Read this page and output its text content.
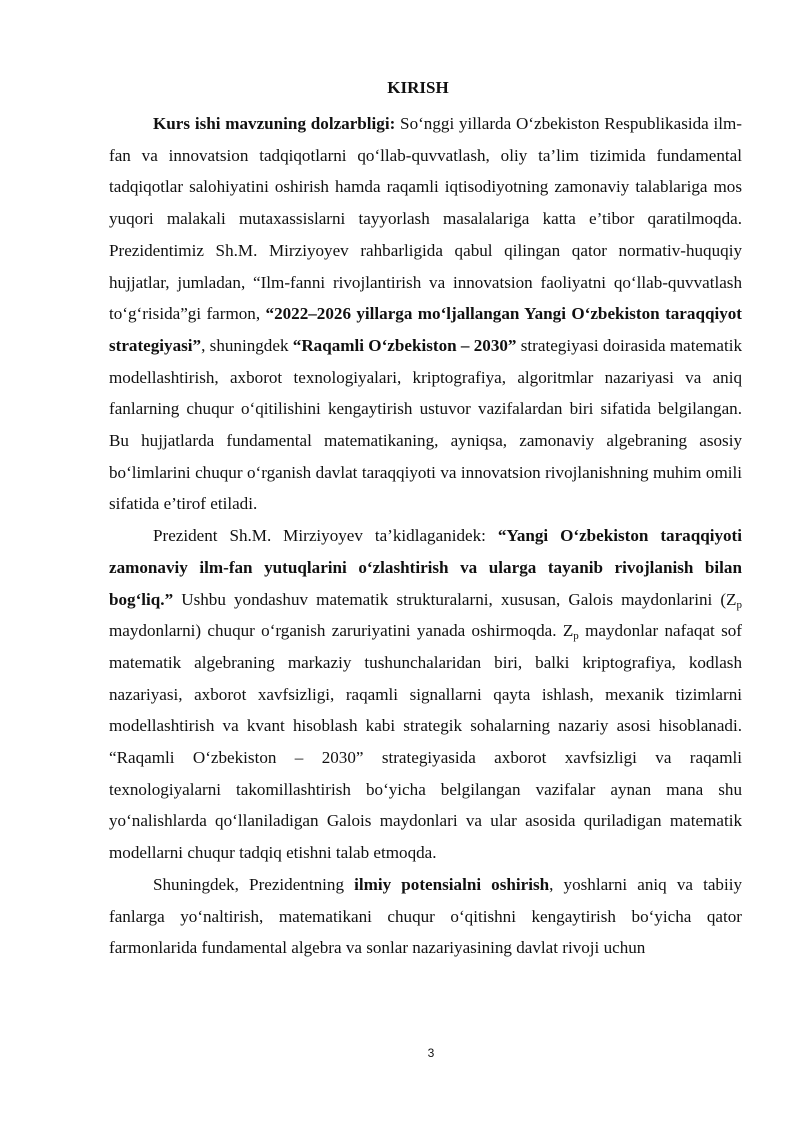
KIRISH

Kurs ishi mavzuning dolzarbligi: So‘nggi yillarda O‘zbekiston Respublikasida ilm-fan va innovatsion tadqiqotlarni qo‘llab-quvvatlash, oliy ta’lim tizimida fundamental tadqiqotlar salohiyatini oshirish hamda raqamli iqtisodiyotning zamonaviy talablariga mos yuqori malakali mutaxassislarni tayyorlash masalalariga katta e’tibor qaratilmoqda. Prezidentimiz Sh.M. Mirziyoyev rahbarligida qabul qilingan qator normativ-huquqiy hujjatlar, jumladan, “Ilm-fanni rivojlantirish va innovatsion faoliyatni qo‘llab-quvvatlash to‘g‘risida”gi farmon, “2022–2026 yillarga mo‘ljallangan Yangi O‘zbekiston taraqqiyot strategiyasi”, shuningdek “Raqamli O‘zbekiston – 2030” strategiyasi doirasida matematik modellashtirish, axborot texnologiyalari, kriptografiya, algoritmlar nazariyasi va aniq fanlarning chuqur o‘qitilishini kengaytirish ustuvor vazifalardan biri sifatida belgilangan. Bu hujjatlarda fundamental matematikaning, ayniqsa, zamonaviy algebraning asosiy bo‘limlarini chuqur o‘rganish davlat taraqqiyoti va innovatsion rivojlanishning muhim omili sifatida e’tirof etiladi.

Prezident Sh.M. Mirziyoyev ta’kidlaganidek: “Yangi O‘zbekiston taraqqiyoti zamonaviy ilm-fan yutuqlarini o‘zlashtirish va ularga tayanib rivojlanish bilan bog‘liq.” Ushbu yondashuv matematik strukturalarni, xususan, Galois maydonlarini ($Z_p$ maydonlarni) chuqur o‘rganish zaruriyatini yanada oshirmoqda. $Z_p$ maydonlar nafaqat sof matematik algebraning markaziy tushunchalaridan biri, balki kriptografiya, kodlash nazariyasi, axborot xavfsizligi, raqamli signallarni qayta ishlash, mexanik tizimlarni modellashtirish va kvant hisoblash kabi strategik sohalarning nazariy asosi hisoblanadi. “Raqamli O‘zbekiston – 2030” strategiyasida axborot xavfsizligi va raqamli texnologiyalarni takomillashtirish bo‘yicha belgilangan vazifalar aynan mana shu yo‘nalishlarda qo‘llaniladigan Galois maydonlari va ular asosida quriladigan matematik modellarni chuqur tadqiq etishni talab etmoqda.

Shuningdek, Prezidentning ilmiy potensialni oshirish, yoshlarni aniq va tabiiy fanlarga yo‘naltirish, matematikani chuqur o‘qitishni kengaytirish bo‘yicha qator farmonlarida fundamental algebra va sonlar nazariyasining davlat rivoji uchun

3
